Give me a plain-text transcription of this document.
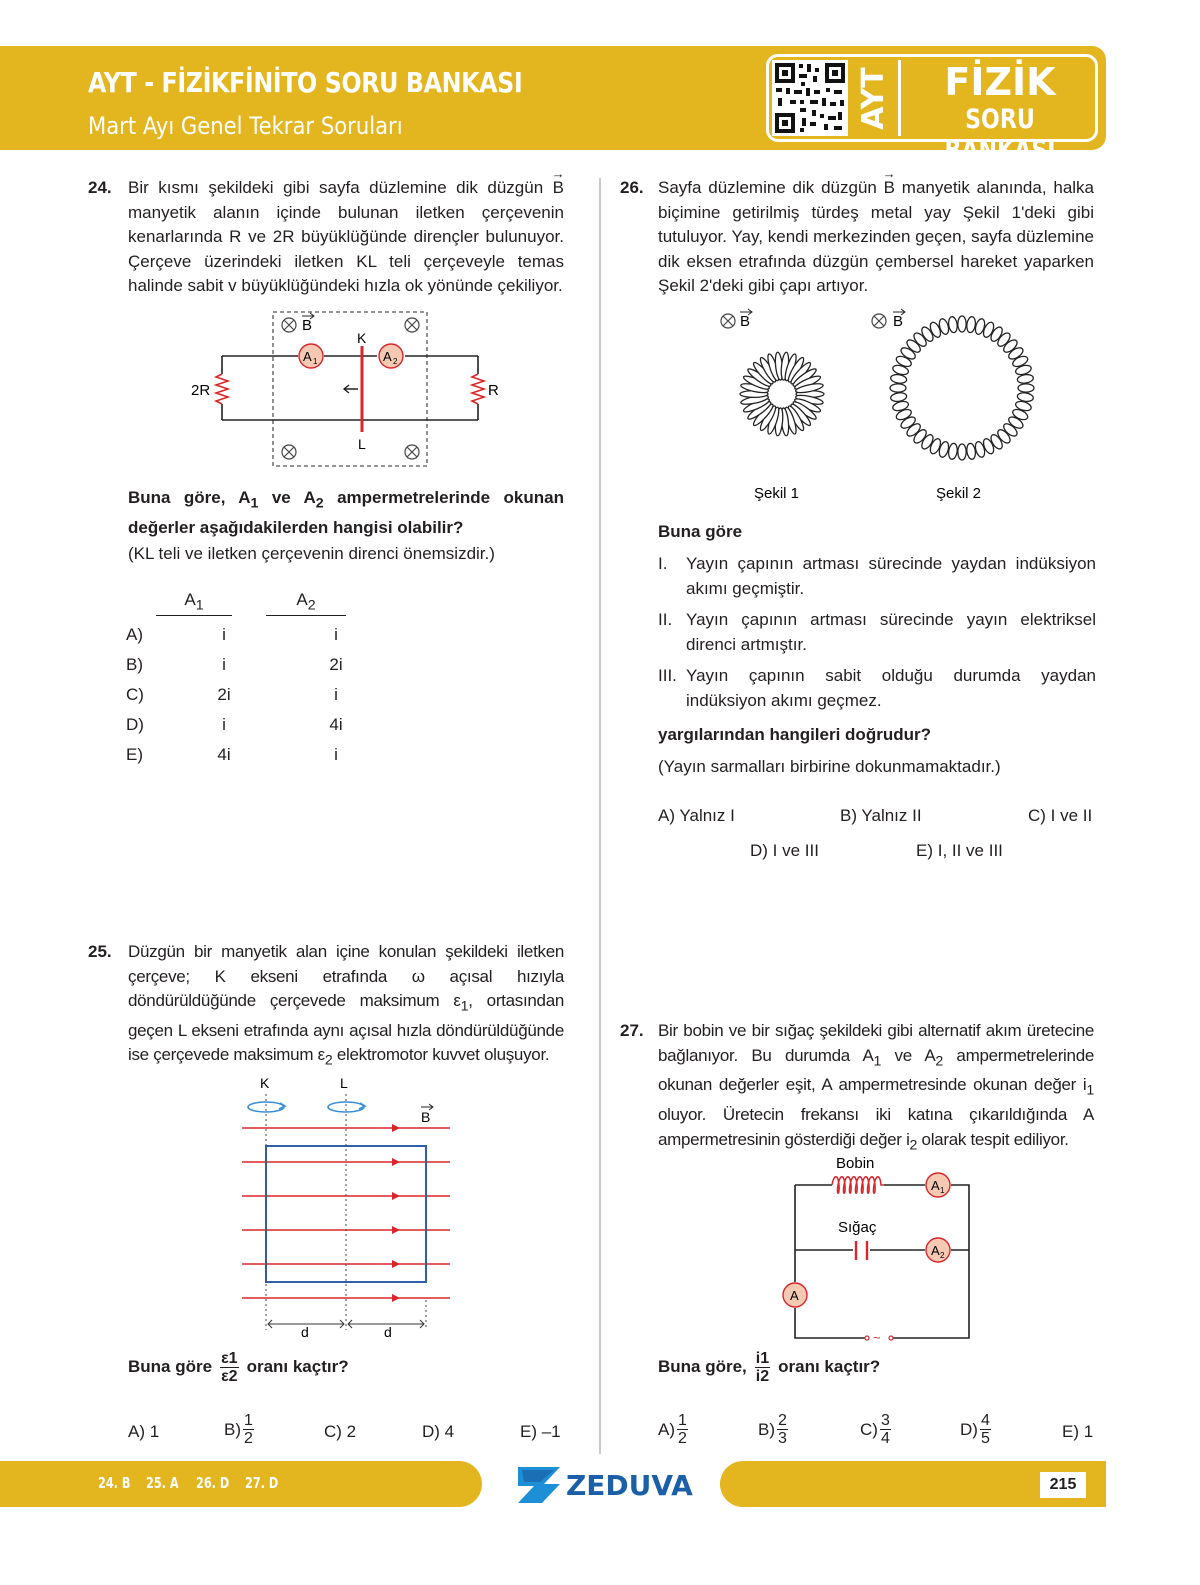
AYT - FİZİKFİNİTO SORU BANKASI
Mart Ayı Genel Tekrar Soruları	AYT	FİZİK
SORU BANKASI
24. Bir kısmı şekildeki gibi sayfa düzlemine dik düzgün → B manyetik alanın içinde bulunan iletken çerçevenin kenarlarında R ve 2R büyüklüğünde dirençler bulunuyor. Çerçeve üzerindeki iletken KL teli çerçeveyle temas halinde sabit v büyüklüğündeki hızla ok yönünde çekiliyor.
B
2R	R
A 1	A 2
K
L
Buna göre, $A_1$ ve $A_2$ ampermetrelerinde okunan değerler aşağıdakilerden hangisi olabilir?
(KL teli ve iletken çerçevenin direnci önemsizdir.)
$A_1$	$A_2$
A)	i	i
B)	i	2i
C)	2i	i
D)	i	4i
E)	4i	i
25. Düzgün bir manyetik alan içine konulan şekildeki iletken çerçeve; K ekseni etrafında ω açısal hızıyla döndürüldüğünde çerçevede maksimum $\varepsilon_1$, ortasından geçen L ekseni etrafında aynı açısal hızla döndürüldüğünde ise çerçevede maksimum $\varepsilon_2$ elektromotor kuvvet oluşuyor.
K	L
B
d	d
Buna göre $\frac{\varepsilon 1}{\varepsilon 2}$ oranı kaçtır?
A) 1	$B) \frac{1}{2}$	C) 2	D) 4	E) –1
26. Sayfa düzlemine dik düzgün → B manyetik alanında, halka biçimine getirilmiş türdeş metal yay Şekil 1'deki gibi tutuluyor. Yay, kendi merkezinden geçen, sayfa düzlemine dik eksen etrafında düzgün çembersel hareket yaparken Şekil 2'deki gibi çapı artıyor.
B	B
Şekil 1	Şekil 2
Buna göre
I.	Yayın çapının artması sürecinde yaydan indüksiyon akımı geçmiştir.
II. Yayın çapının artması sürecinde yayın elektriksel direnci artmıştır.
III. Yayın çapının sabit olduğu durumda yaydan indüksiyon akımı geçmez.
yargılarından hangileri doğrudur?
(Yayın sarmalları birbirine dokunmamaktadır.)
A) Yalnız I	B) Yalnız II	C) I ve II
D) I ve III	E) I, II ve III
27. Bir bobin ve bir sığaç şekildeki gibi alternatif akım üretecine bağlanıyor. Bu durumda $A_1$ ve $A_2$ ampermetrelerinde okunan değerler eşit, A ampermetresinde okunan değer $i_1$ oluyor. Üretecin frekansı iki katına çıkarıldığında A ampermetresinin gösterdiği değer $i_2$ olarak tespit ediliyor.
Bobin
Sığaç
A 1
A 2
A
~
Buna göre, $\frac{i1}{i2}$ oranı kaçtır?
$A) \frac{1}{2}$	$B) \frac{2}{3}$	$C) \frac{3}{4}$	$D) \frac{4}{5}$	E) 1
24. B 25. A 26. D 27. D	ZEDUVA	215
